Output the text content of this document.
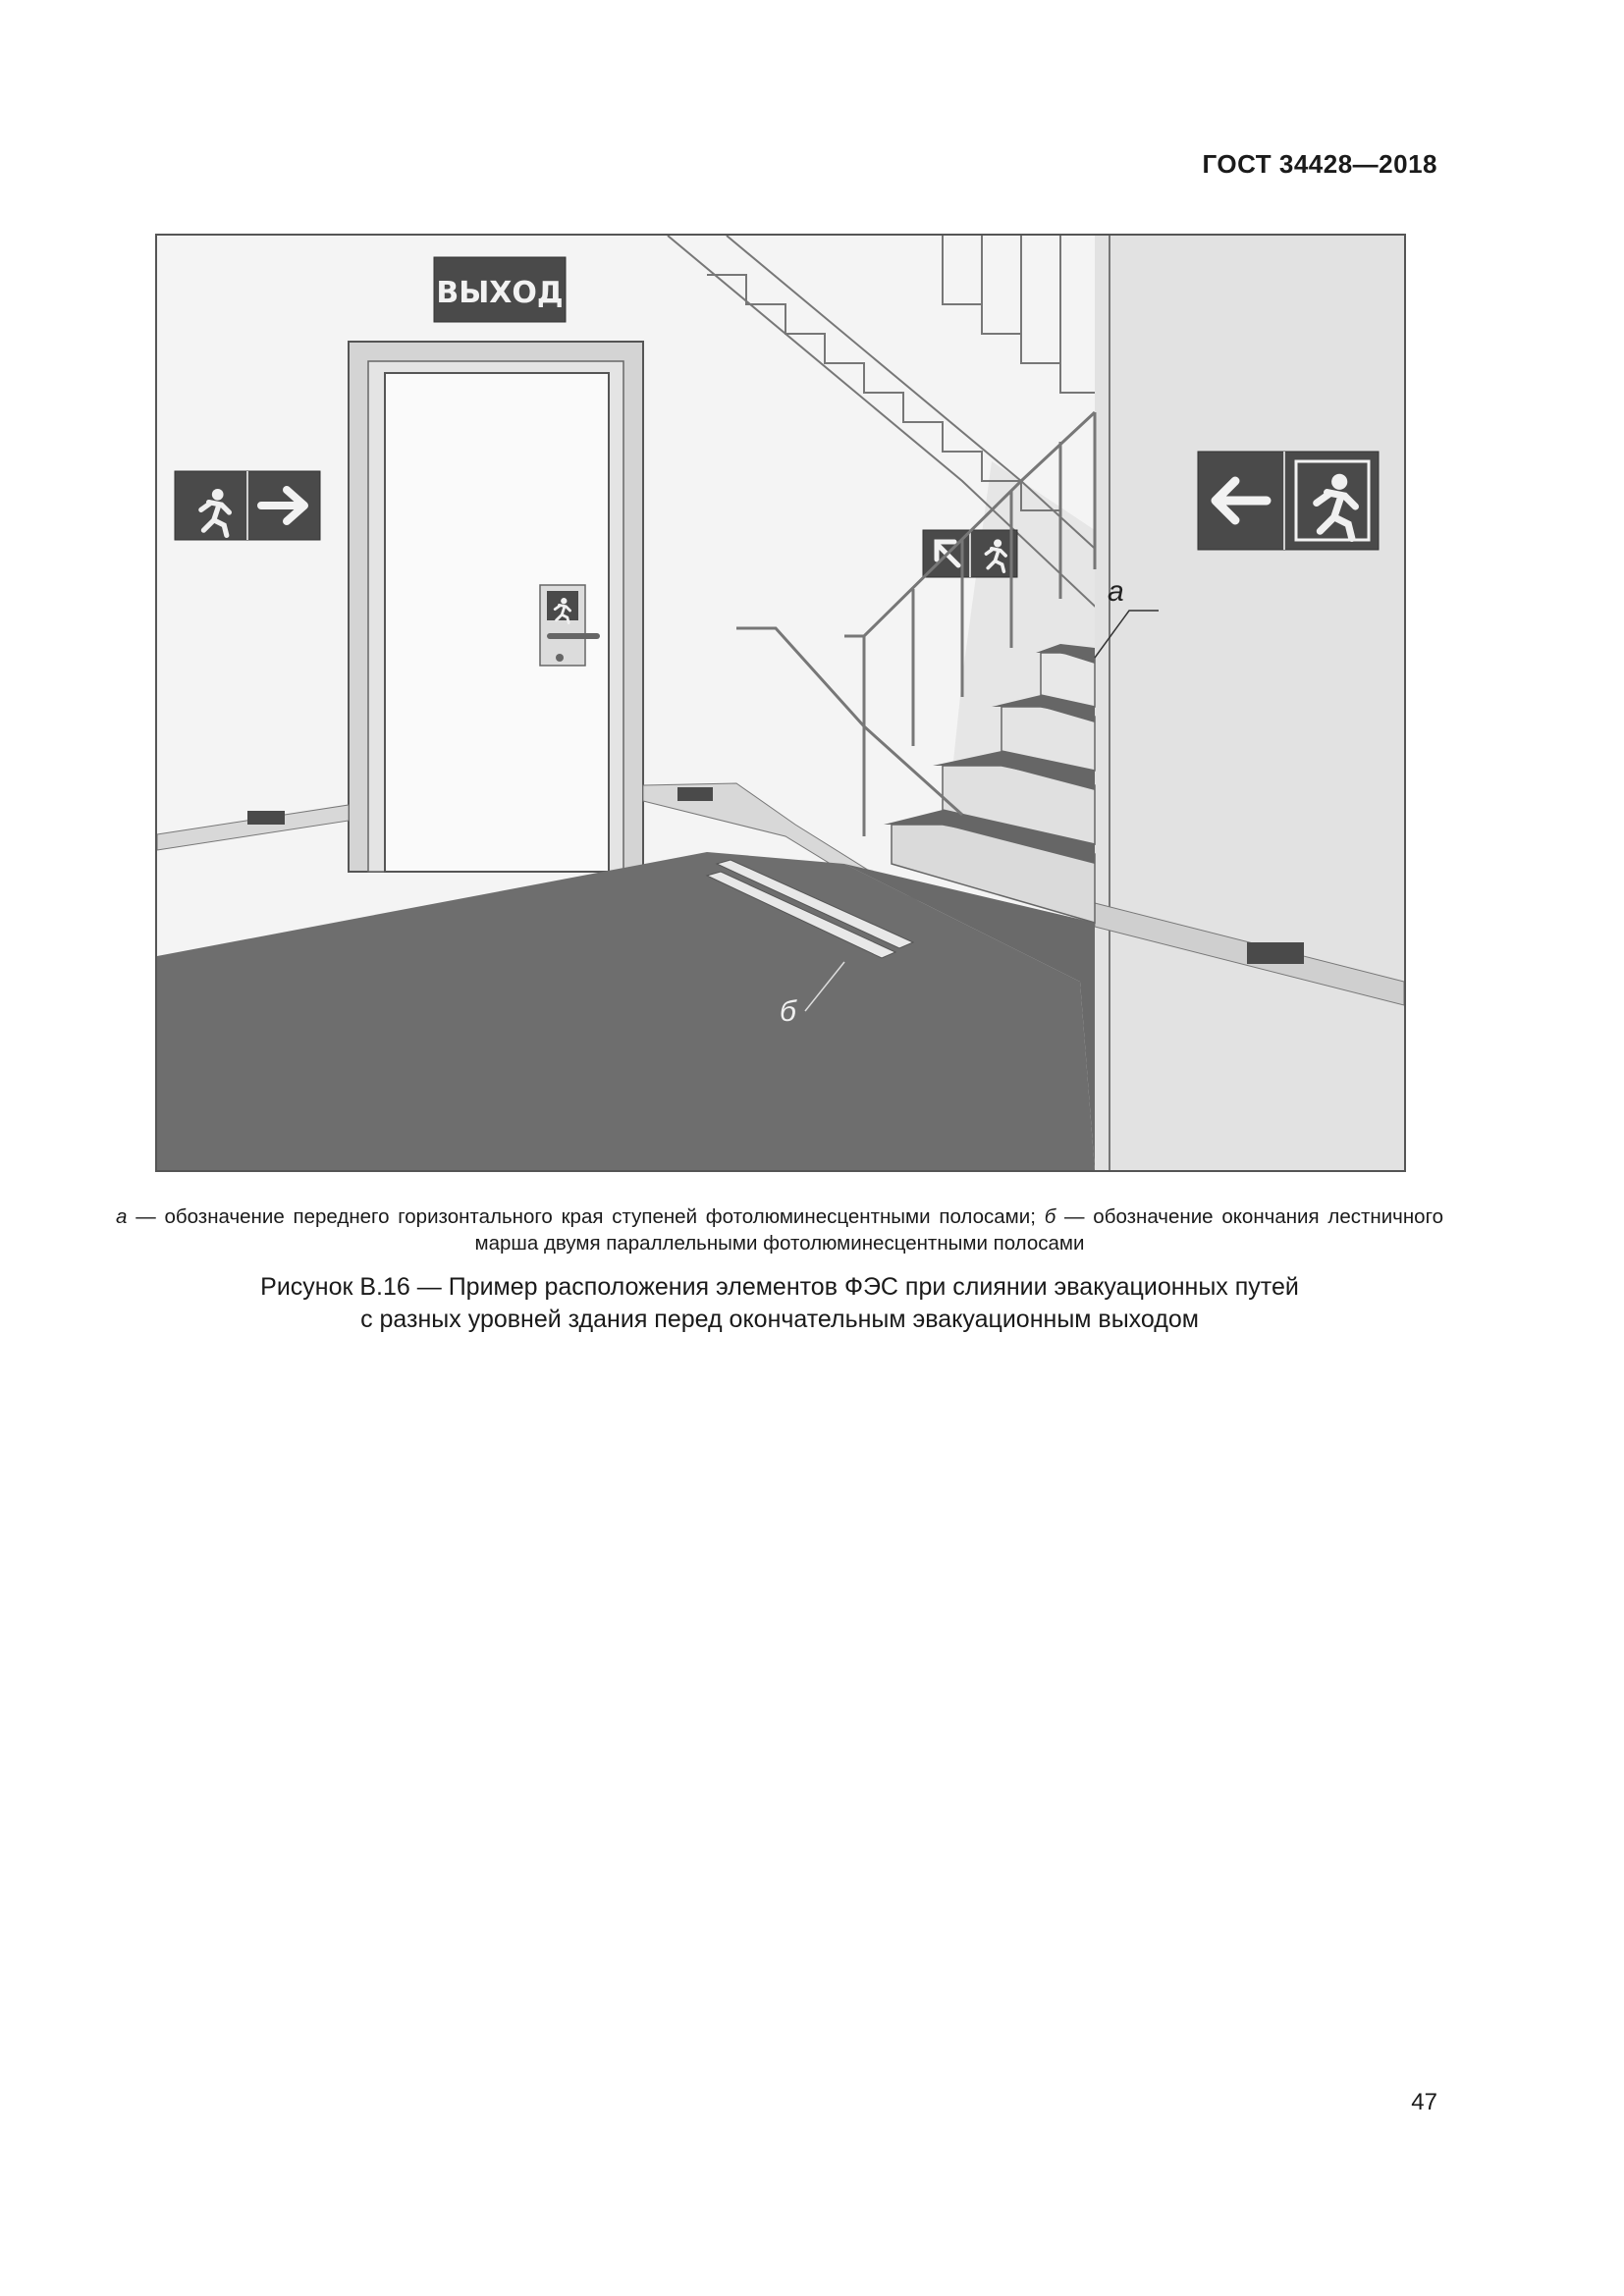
ГОСТ 34428—2018
ВЫХОД
а
б
а — обозначение переднего горизонтального края ступеней фотолюминесцентными полосами; б — обозначение окончания лестничного марша двумя параллельными фотолюминесцентными полосами
Рисунок В.16 — Пример расположения элементов ФЭС при слиянии эвакуационных путей
с разных уровней здания перед окончательным эвакуационным выходом
47
